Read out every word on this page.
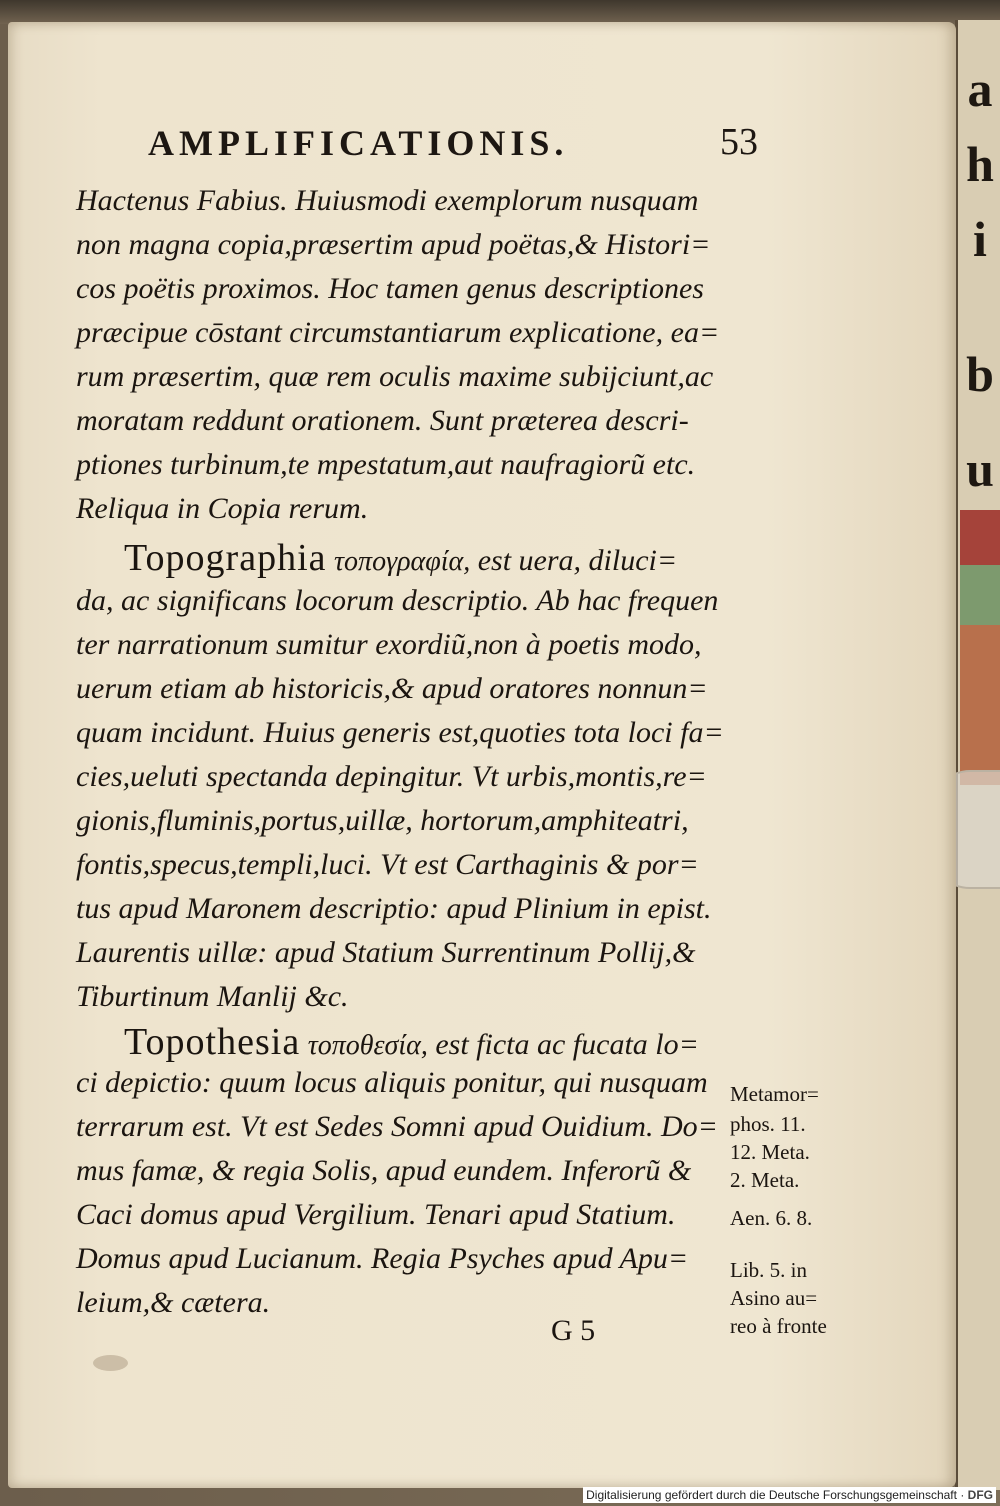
a
h
i
b
u
AMPLIFICATIONIS.	53
Hactenus Fabius. Huiusmodi exemplorum nusquam
non magna copia,præsertim apud poëtas,& Histori=
cos poëtis proximos. Hoc tamen genus descriptiones
præcipue cōstant circumstantiarum explicatione, ea=
rum præsertim, quæ rem oculis maxime subijciunt,ac
moratam reddunt orationem. Sunt præterea descri-
ptiones turbinum,te mpestatum,aut naufragiorũ etc.
Reliqua in Copia rerum.
Topographia τοπογραφία, est uera, diluci=
da, ac significans locorum descriptio. Ab hac frequen
ter narrationum sumitur exordiũ,non à poetis modo,
uerum etiam ab historicis,& apud oratores nonnun=
quam incidunt. Huius generis est,quoties tota loci fa=
cies,ueluti spectanda depingitur. Vt urbis,montis,re=
gionis,fluminis,portus,uillæ, hortorum,amphiteatri,
fontis,specus,templi,luci. Vt est Carthaginis & por=
tus apud Maronem descriptio: apud Plinium in epist.
Laurentis uillæ: apud Statium Surrentinum Pollij,&
Tiburtinum Manlij &c.
Topothesia τοποθεσία, est ficta ac fucata lo=
ci depictio: quum locus aliquis ponitur, qui nusquam
terrarum est. Vt est Sedes Somni apud Ouidium. Do=
mus famæ, & regia Solis, apud eundem. Inferorũ &
Caci domus apud Vergilium. Tenari apud Statium.
Domus apud Lucianum. Regia Psyches apud Apu=
leium,& cætera.
Metamor=
phos. 11.
12. Meta.
2. Meta.
Aen. 6. 8.
Lib. 5. in
Asino au=
reo à fronte
G 5
Digitalisierung gefördert durch die Deutsche Forschungsgemeinschaft · DFG
